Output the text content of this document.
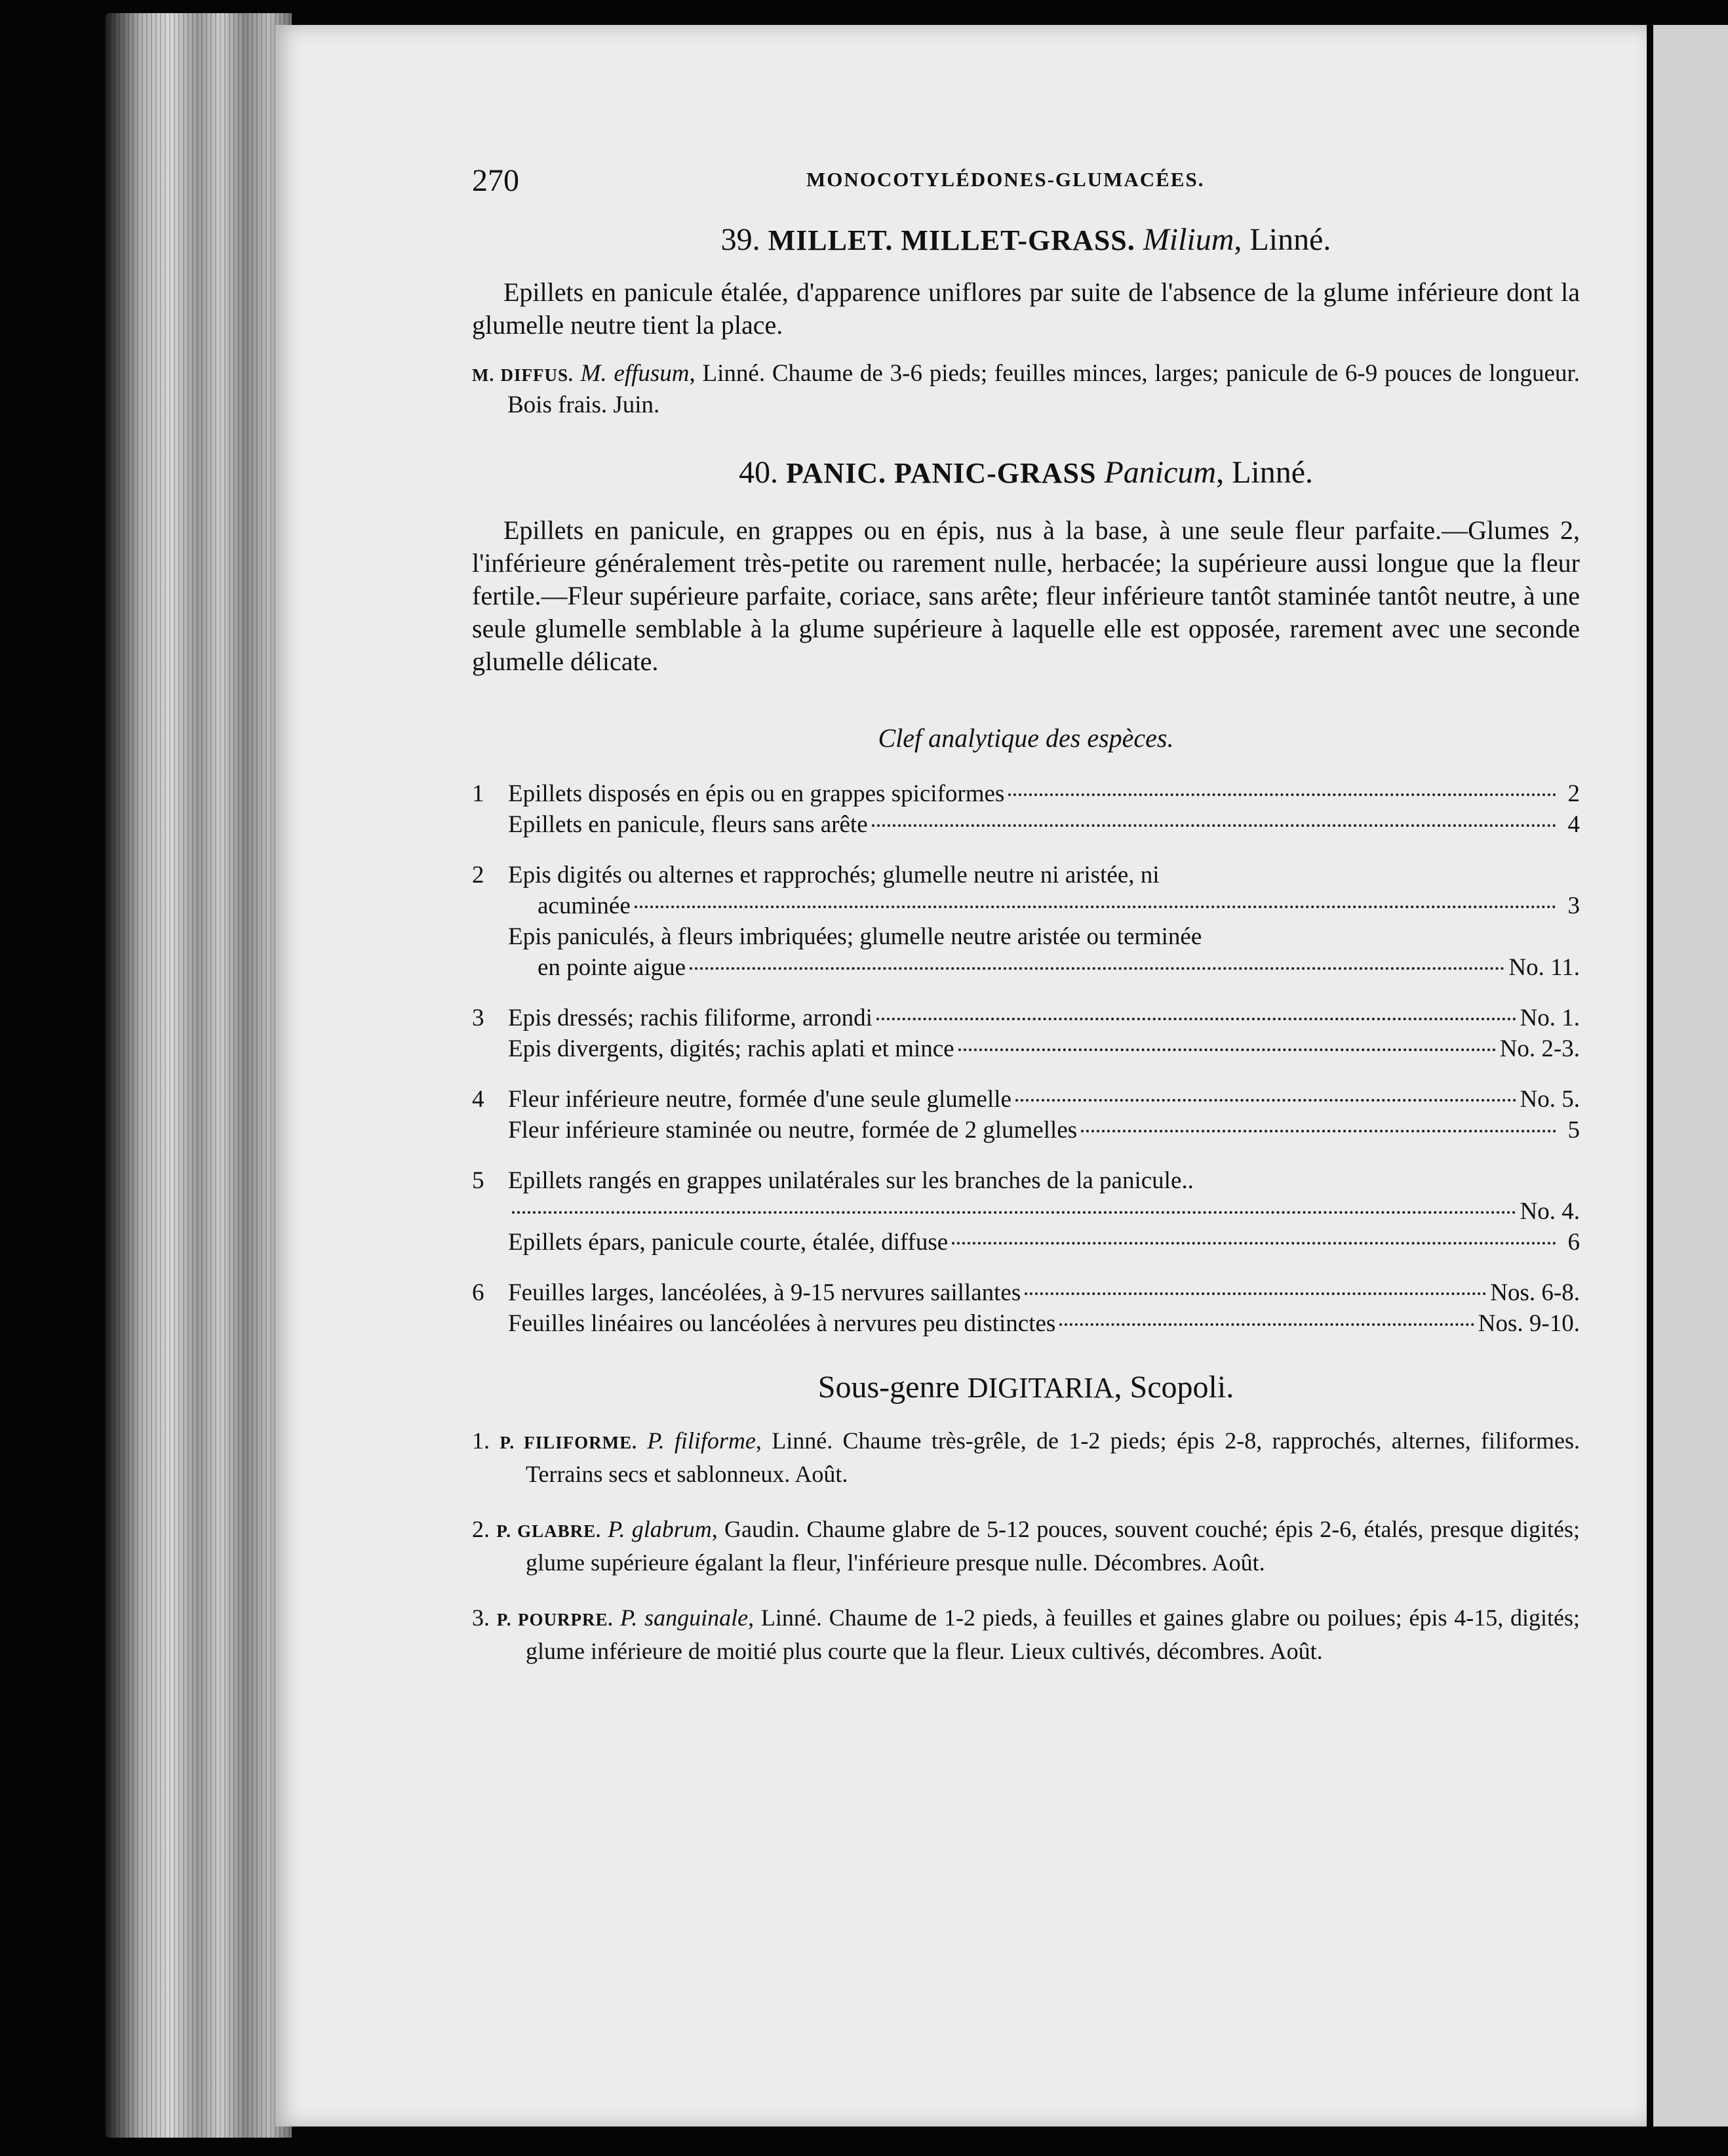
270	MONOCOTYLÉDONES-GLUMACÉES.
39. MILLET. MILLET-GRASS. Milium, Linné.

Epillets en panicule étalée, d'apparence uniflores par suite de l'absence de la glume inférieure dont la glumelle neutre tient la place.

M. DIFFUS. M. effusum, Linné. Chaume de 3-6 pieds; feuilles minces, larges; panicule de 6-9 pouces de longueur. Bois frais. Juin.

40. PANIC. PANIC-GRASS Panicum, Linné.

Epillets en panicule, en grappes ou en épis, nus à la base, à une seule fleur parfaite.—Glumes 2, l'inférieure généralement très-petite ou rarement nulle, herbacée; la supérieure aussi longue que la fleur fertile.—Fleur supérieure parfaite, coriace, sans arête; fleur inférieure tantôt staminée tantôt neutre, à une seule glumelle semblable à la glume supérieure à laquelle elle est opposée, rarement avec une seconde glumelle délicate.

Clef analytique des espèces.
1 Epillets disposés en épis ou en grappes spiciformes	2
Epillets en panicule, fleurs sans arête	4
2 Epis digités ou alternes et rapprochés; glumelle neutre ni aristée, ni
acuminée	3
Epis paniculés, à fleurs imbriquées; glumelle neutre aristée ou terminée
en pointe aigue	No. 11.
3 Epis dressés; rachis filiforme, arrondi	No. 1.
Epis divergents, digités; rachis aplati et mince	No. 2-3.
4 Fleur inférieure neutre, formée d'une seule glumelle	No. 5.
Fleur inférieure staminée ou neutre, formée de 2 glumelles	5
5 Epillets rangés en grappes unilatérales sur les branches de la panicule..
No. 4.
Epillets épars, panicule courte, étalée, diffuse	6
6 Feuilles larges, lancéolées, à 9-15 nervures saillantes	Nos. 6-8.
Feuilles linéaires ou lancéolées à nervures peu distinctes	Nos. 9-10.
Sous-genre DIGITARIA, Scopoli.

1. P. FILIFORME. P. filiforme, Linné. Chaume très-grêle, de 1-2 pieds; épis 2-8, rapprochés, alternes, filiformes. Terrains secs et sablonneux. Août.

2. P. GLABRE. P. glabrum, Gaudin. Chaume glabre de 5-12 pouces, souvent couché; épis 2-6, étalés, presque digités; glume supérieure égalant la fleur, l'inférieure presque nulle. Décombres. Août.

3. P. POURPRE. P. sanguinale, Linné. Chaume de 1-2 pieds, à feuilles et gaines glabre ou poilues; épis 4-15, digités; glume inférieure de moitié plus courte que la fleur. Lieux cultivés, décombres. Août.
